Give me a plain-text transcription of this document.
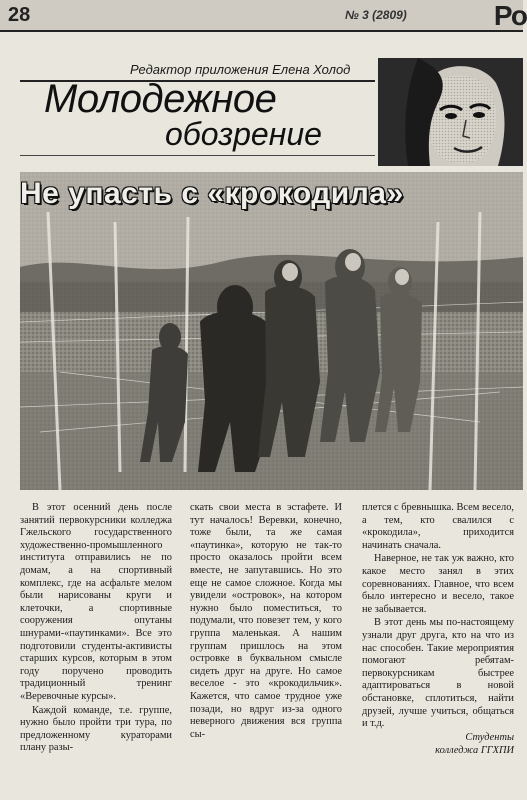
28	№ 3 (2809)	Ро
Редактор приложения Елена Холод
Молодежное
обозрение
Не упасть с «крокодила»

В этот осенний день после занятий первокурсники колледжа Гжельского государственного художественно-промышленного института отправились не по домам, а на спортивный комплекс, где на асфальте мелом были нарисованы круги и клеточки, а спортивные сооружения опутаны шнурами-«паутинками». Все это подготовили студенты-активисты старших курсов, которым в этом году поручено проводить традиционный тренинг «Веревочные курсы».

Каждой команде, т.е. группе, нужно было пройти три тура, по предложенному кураторами плану разы-

скать свои места в эстафете. И тут началось! Веревки, конечно, тоже были, та же самая «паутинка», которую не так-то просто оказалось пройти всем вместе, не запутавшись. Но это еще не самое сложное. Когда мы увидели «островок», на котором нужно было поместиться, то подумали, что повезет тем, у кого группа маленькая. А нашим группам пришлось на этом островке в буквальном смысле сидеть друг на друге. Но самое веселое - это «крокодильчик». Кажется, что самое трудное уже позади, но вдруг из-за одного неверного движения вся группа сы-

плется с бревнышка. Всем весело, а тем, кто свалился с «крокодила», приходится начинать сначала.

Наверное, не так уж важно, кто какое место занял в этих соревнованиях. Главное, что всем было интересно и весело, такое не забывается.

В этот день мы по-настоящему узнали друг друга, кто на что из нас способен. Такие мероприятия помогают ребятам-первокурсникам быстрее адаптироваться в новой обстановке, сплотиться, найти друзей, лучше учиться, общаться и т.д.

Студенты

колледжа ГГХПИ
